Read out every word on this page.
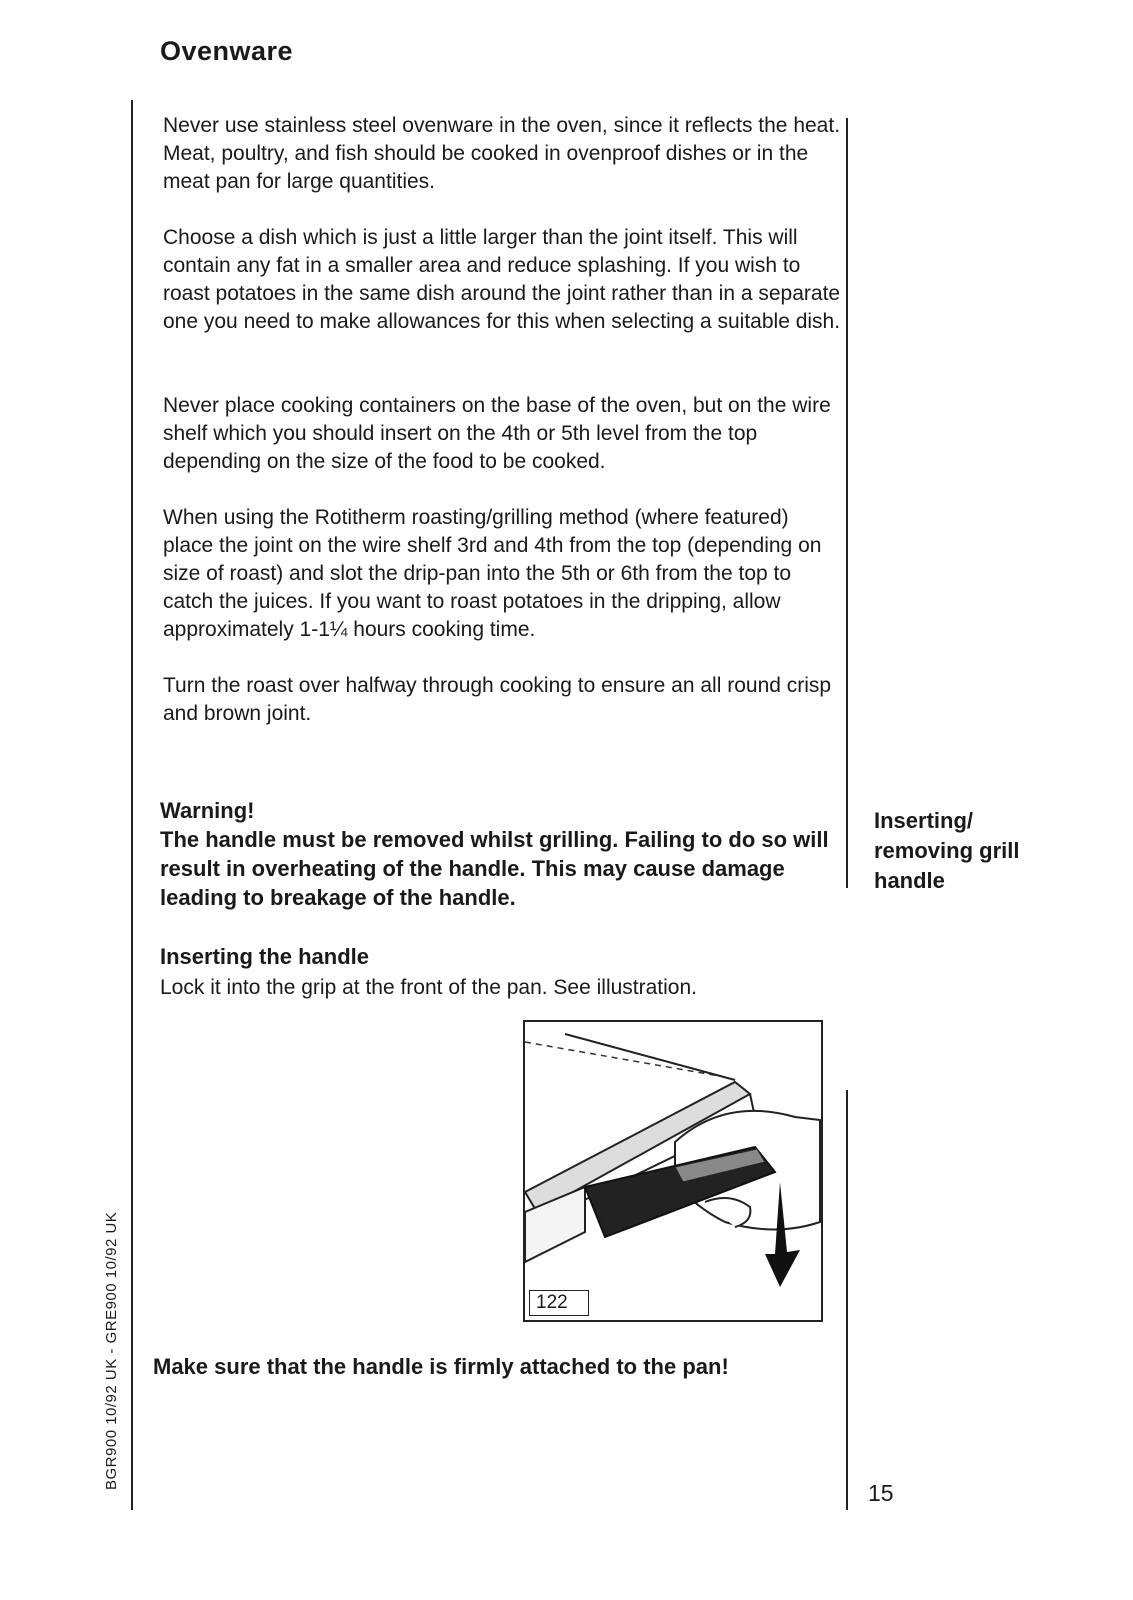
Ovenware

Never use stainless steel ovenware in the oven, since it reflects the heat. Meat, poultry, and fish should be cooked in ovenproof dishes or in the meat pan for large quantities.

Choose a dish which is just a little larger than the joint itself. This will contain any fat in a smaller area and reduce splashing. If you wish to roast potatoes in the same dish around the joint rather than in a separate one you need to make allowances for this when selecting a suitable dish.

Never place cooking containers on the base of the oven, but on the wire shelf which you should insert on the 4th or 5th level from the top depending on the size of the food to be cooked.

When using the Rotitherm roasting/grilling method (where featured) place the joint on the wire shelf 3rd and 4th from the top (depending on size of roast) and slot the drip-pan into the 5th or 6th from the top to catch the juices. If you want to roast potatoes in the dripping, allow approximately 1-1¼ hours cooking time.

Turn the roast over halfway through cooking to ensure an all round crisp and brown joint.

Warning!

The handle must be removed whilst grilling. Failing to do so will result in overheating of the handle. This may cause damage leading to breakage of the handle.

Inserting/ removing grill handle

Inserting the handle
Lock it into the grip at the front of the pan. See illustration.
122
Make sure that the handle is firmly attached to the pan!
15
BGR900 10/92 UK - GRE900 10/92 UK
